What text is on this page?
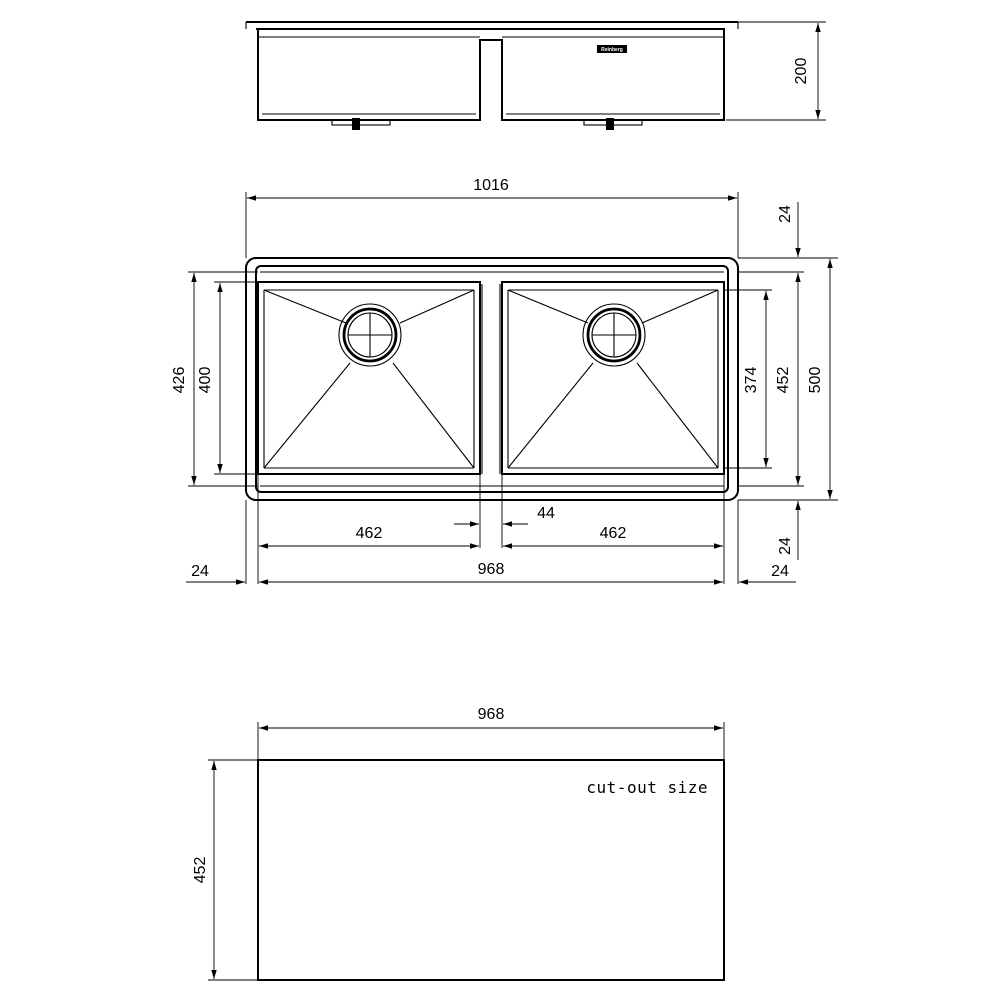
Reinberg
200
1016
462	462
44
968
24	24
426 400	374 452 500
24
24
968
452
cut-out size
